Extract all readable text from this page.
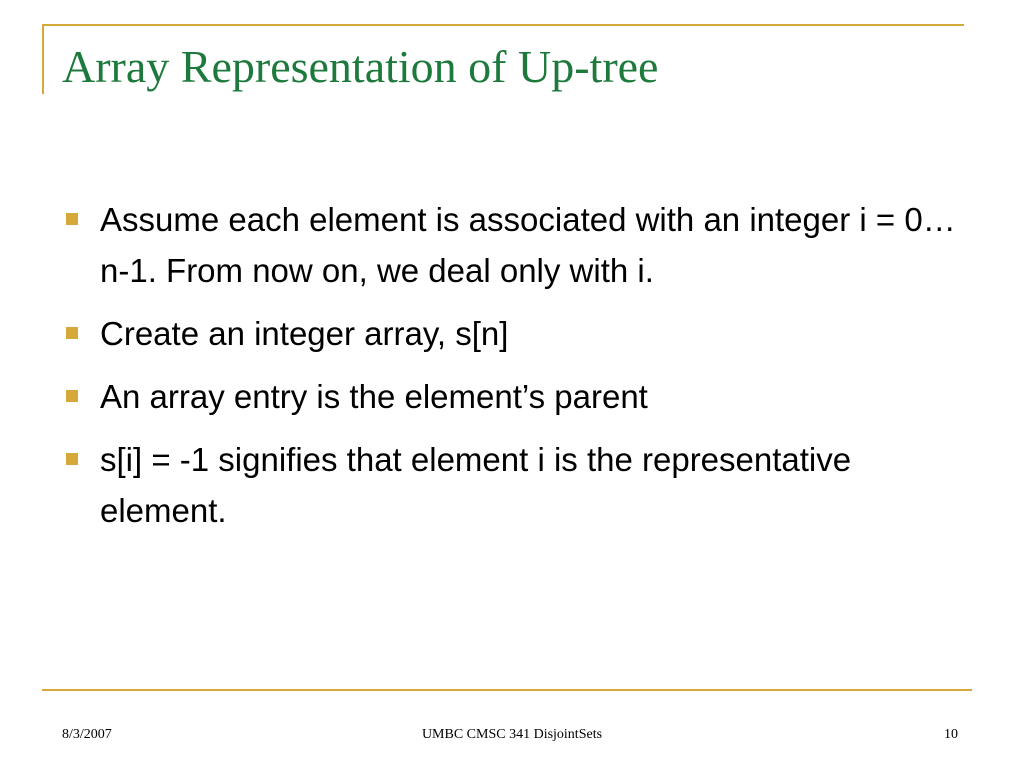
Array Representation of Up-tree
Assume each element is associated with an integer i = 0…n-1. From now on, we deal only with i.
Create an integer array, s[n]
An array entry is the element’s parent
s[i] = -1 signifies that element i is the representative element.
8/3/2007	UMBC CMSC 341 DisjointSets	10
